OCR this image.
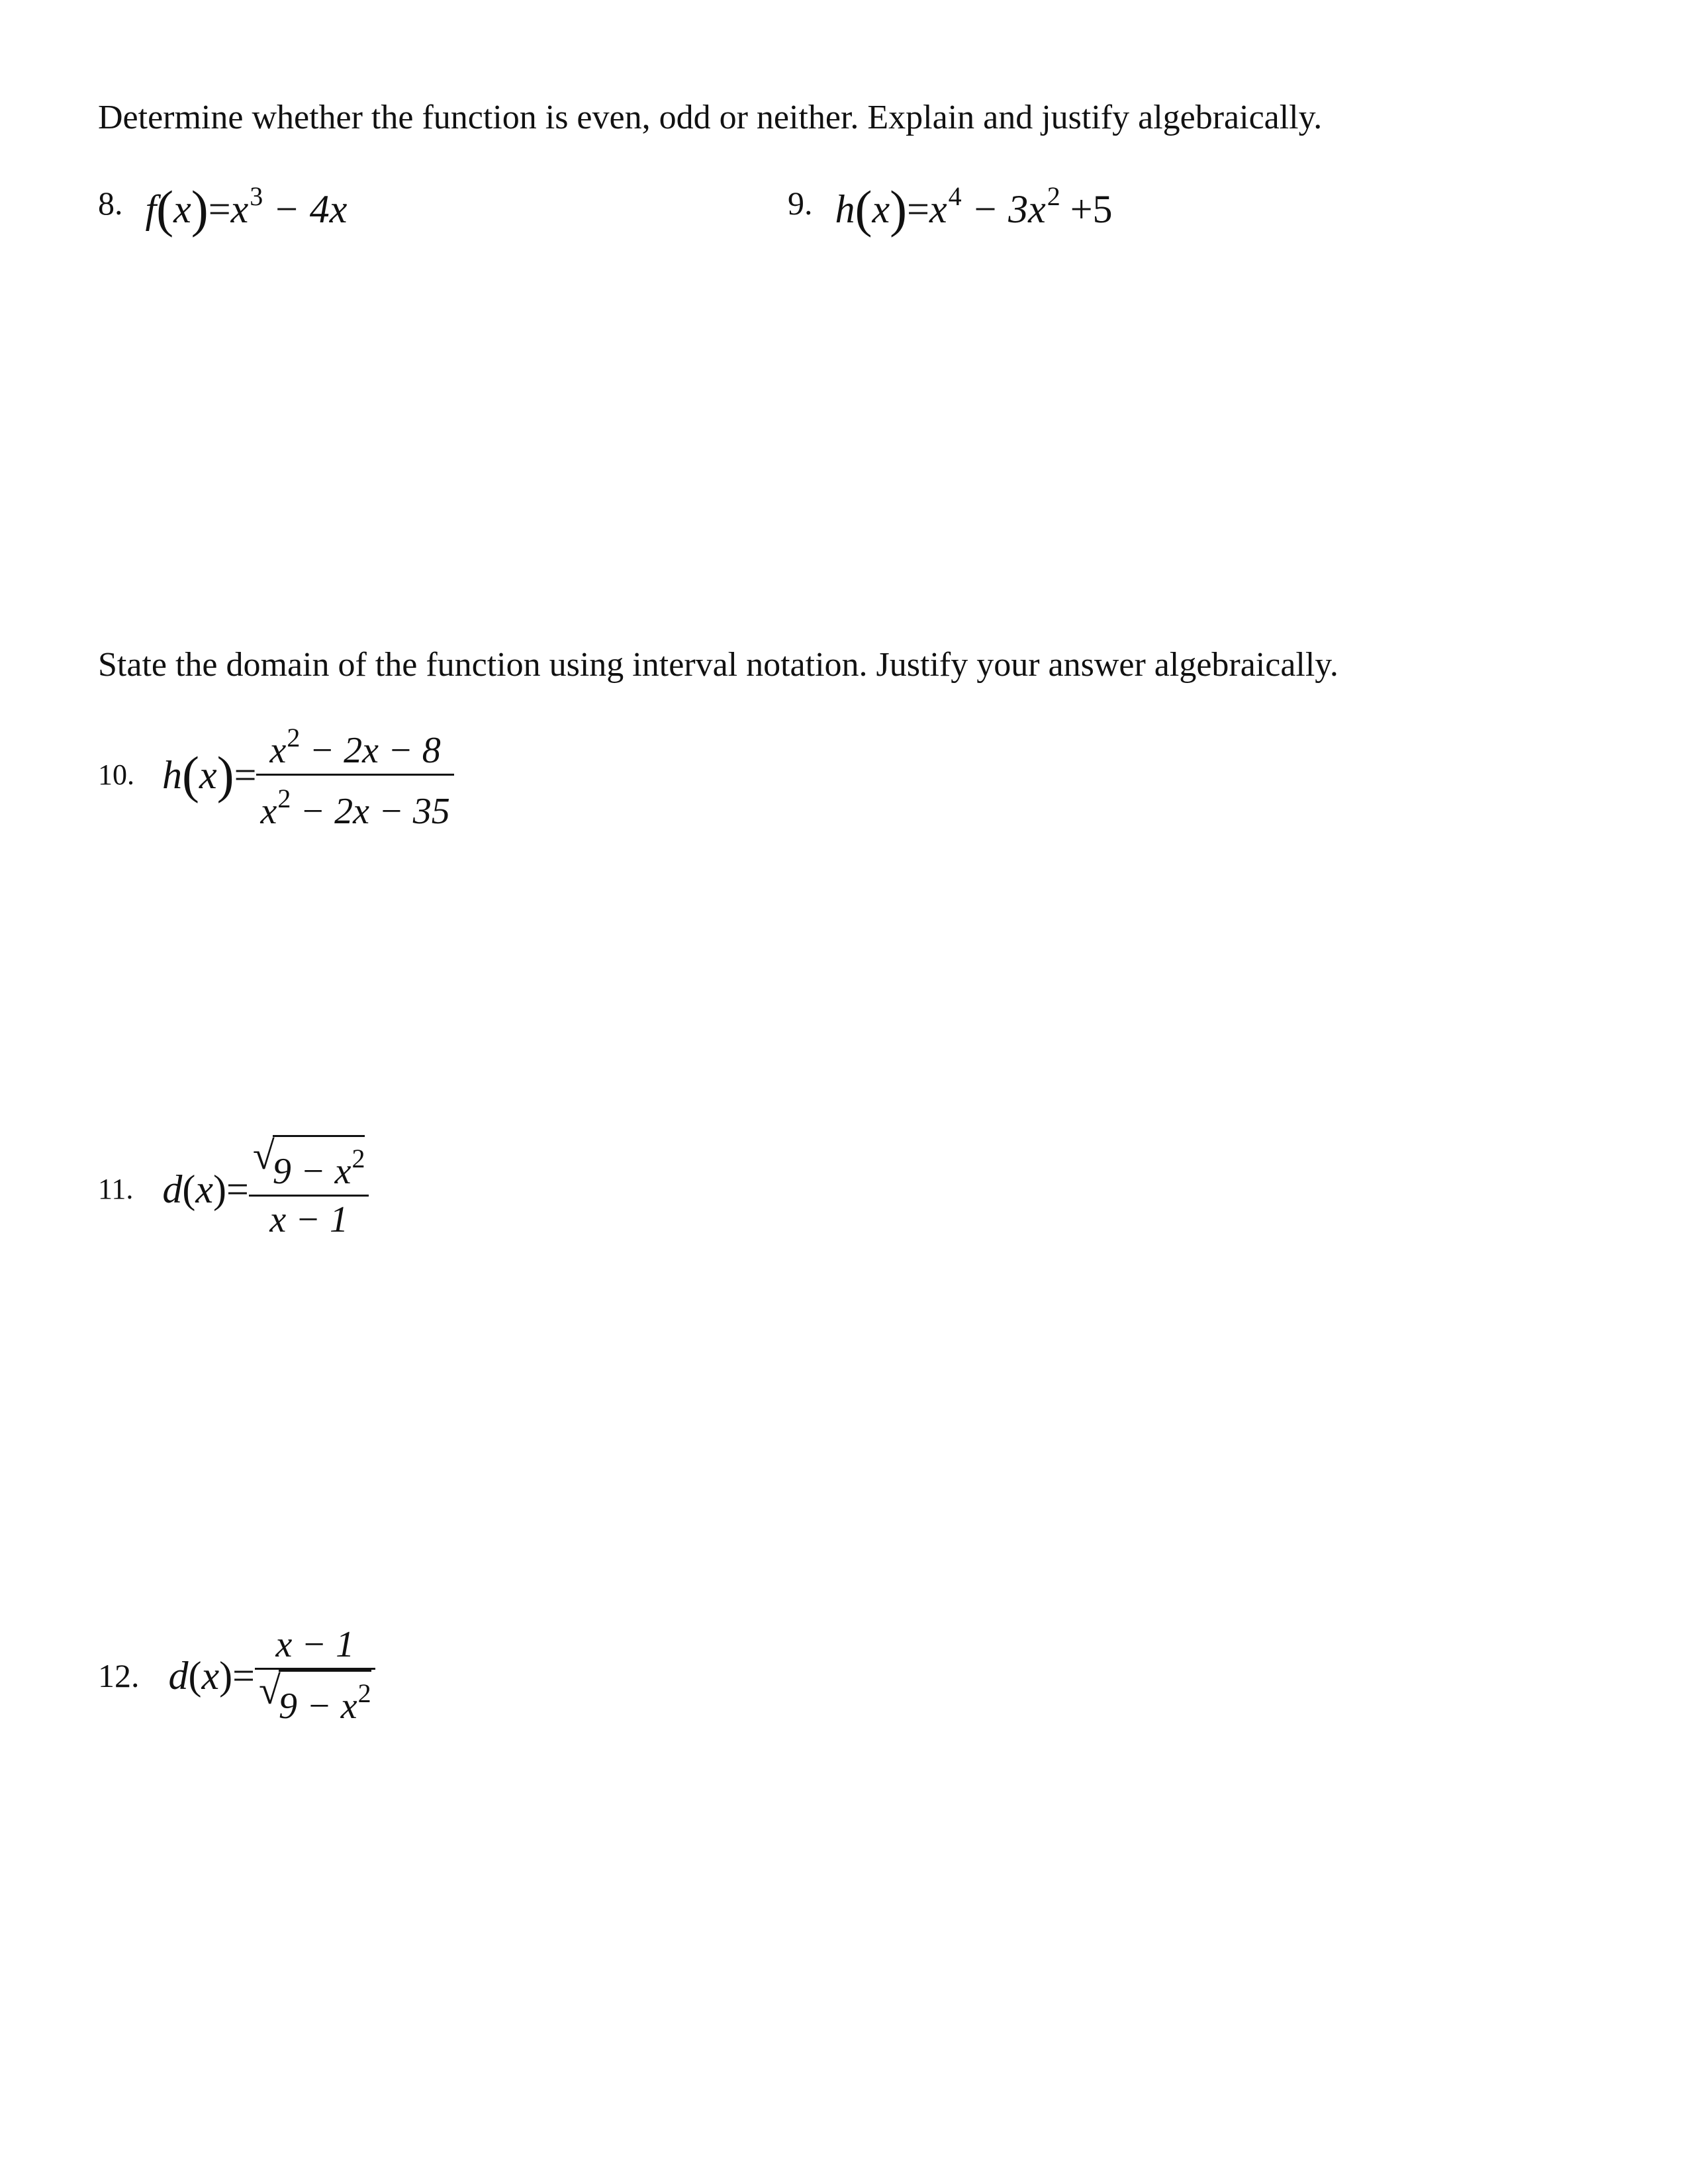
Determine whether the function is even, odd or neither. Explain and justify algebraically.
8. $f(x)=x^3 - 4x$	9. $h(x)=x^4 - 3x^2 +5$
State the domain of the function using interval notation. Justify your answer algebraically.
10. $h(x)= \frac{x^2 - 2x - 8}{x^2 - 2x - 35}$
11. d(x)= √
$9 - x^2$
x − 1
12. d(x)= x − 1
√
$9 - x^2$
